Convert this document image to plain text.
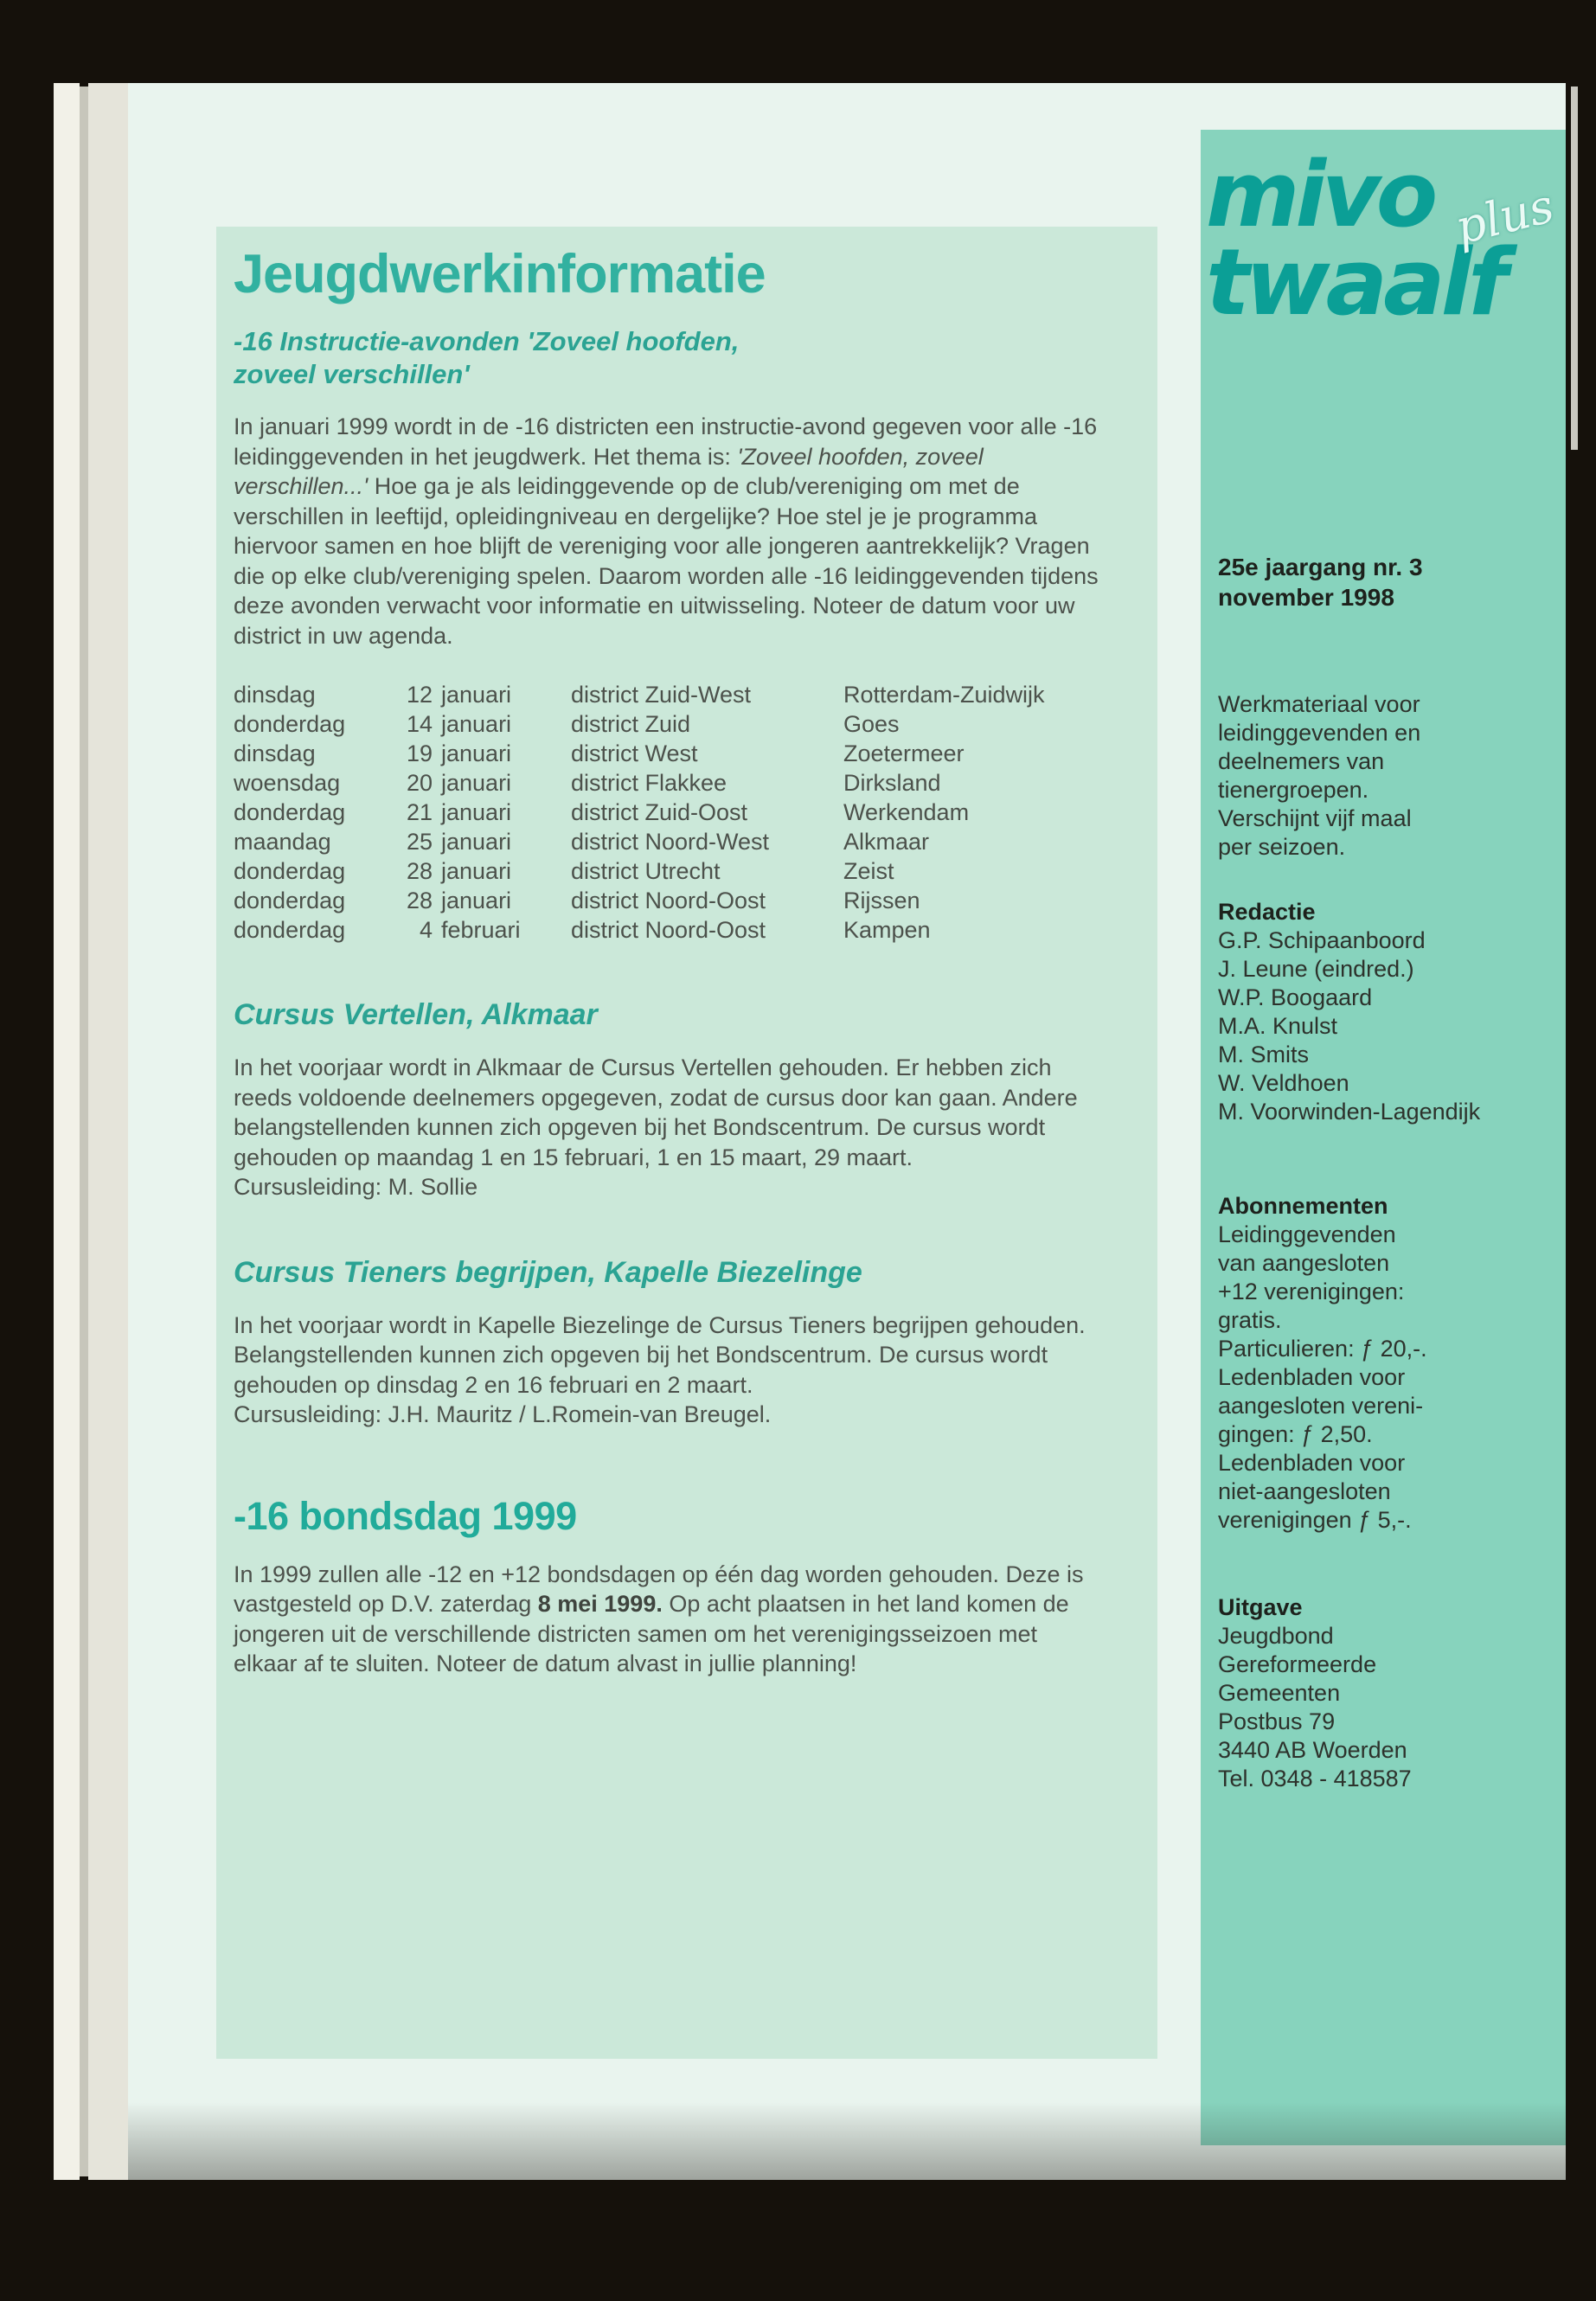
Jeugdwerkinformatie
-16 Instructie-avonden 'Zoveel hoofden,
zoveel verschillen'

In januari 1999 wordt in de -16 districten een instructie-avond gegeven voor alle -16 leidinggevenden in het jeugdwerk. Het thema is: 'Zoveel hoofden, zoveel verschillen...' Hoe ga je als leidinggevende op de club/vereniging om met de verschillen in leeftijd, opleidingniveau en dergelijke? Hoe stel je je programma hiervoor samen en hoe blijft de vereniging voor alle jongeren aantrekkelijk? Vragen die op elke club/vereniging spelen. Daarom worden alle -16 leidinggevenden tijdens deze avonden verwacht voor informatie en uitwisseling. Noteer de datum voor uw district in uw agenda.

dinsdag	12 januari	district Zuid-West	Rotterdam-Zuidwijk
donderdag	14 januari	district Zuid	Goes
dinsdag	19 januari	district West	Zoetermeer
woensdag	20 januari	district Flakkee	Dirksland
donderdag	21 januari	district Zuid-Oost	Werkendam
maandag	25 januari	district Noord-West	Alkmaar
donderdag	28 januari	district Utrecht	Zeist
donderdag	28 januari	district Noord-Oost	Rijssen
donderdag	4 februari	district Noord-Oost	Kampen
Cursus Vertellen, Alkmaar

In het voorjaar wordt in Alkmaar de Cursus Vertellen gehouden. Er hebben zich reeds voldoende deelnemers opgegeven, zodat de cursus door kan gaan. Andere belangstellenden kunnen zich opgeven bij het Bondscentrum. De cursus wordt gehouden op maandag 1 en 15 februari, 1 en 15 maart, 29 maart.

Cursusleiding: M. Sollie

Cursus Tieners begrijpen, Kapelle Biezelinge

In het voorjaar wordt in Kapelle Biezelinge de Cursus Tieners begrijpen gehouden. Belangstellenden kunnen zich opgeven bij het Bondscentrum. De cursus wordt gehouden op dinsdag 2 en 16 februari en 2 maart.

Cursusleiding: J.H. Mauritz / L.Romein-van Breugel.

-16 bondsdag 1999

In 1999 zullen alle -12 en +12 bondsdagen op één dag worden gehouden. Deze is vastgesteld op D.V. zaterdag 8 mei 1999. Op acht plaatsen in het land komen de jongeren uit de verschillende districten samen om het verenigingsseizoen met elkaar af te sluiten. Noteer de datum alvast in jullie planning!

mivo plus
twaalf
25e jaargang nr. 3
november 1998
Werkmateriaal voor
leidinggevenden en
deelnemers van
tienergroepen.
Verschijnt vijf maal
per seizoen.
Redactie
G.P. Schipaanboord
J. Leune (eindred.)
W.P. Boogaard
M.A. Knulst
M. Smits
W. Veldhoen
M. Voorwinden-Lagendijk
Abonnementen
Leidinggevenden
van aangesloten
+12 verenigingen:
gratis.
Particulieren: ƒ 20,-.
Ledenbladen voor
aangesloten vereni-
gingen: ƒ 2,50.
Ledenbladen voor
niet-aangesloten
verenigingen ƒ 5,-.
Uitgave
Jeugdbond
Gereformeerde
Gemeenten
Postbus 79
3440 AB Woerden
Tel. 0348 - 418587
